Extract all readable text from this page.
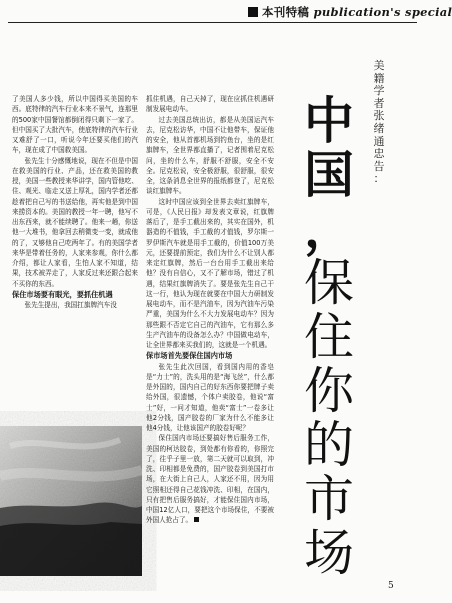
本刊特稿 publication's special
美
籍
学
者
张
绪
通
忠
告
：
中
国
，
保
住
你
的
市
场

了美国人多少钱，所以中国得买美国的车西。底特律的汽车行业本来不景气，连那里的500家中国餐馆都倒闭得只剩下一家了。但中国买了大批汽车，使底特律的汽车行业又难舒了一口，听说今年还要买他们的汽车，现在成了中国救美国。

张先生十分感慨地说，现在不但是中国在救美国的行业、产品，还在救美国的教授，美国一些教授来华讲学，国内管他吃、住、观光、临走又送上厚礼，国内学者还都趁着把自己写的书送给他，再实他是到中国来捞资本的。美国的教授一年一聘，他写不出东西来，就不能续聘了。他来一趟，你送他一大堆书，他拿回去稍微变一变，就成他的了，又够他自己吃两年了。有的美国学者来华是带着任务的，人家来参观，你什么都介绍，都让人家看，生怕人家不知道，结果，技术被弄走了，人家反过来还跟合起来不买你的东西。

保住市场要有眼光，要抓住机遇

张先生提出，我国扛旗牌汽车没

抓住机遇，自己天掉了，现在应抓住机遇研制发展电动车。

过去美国总统出访，都是从美国运汽车去，尼克松访华，中国不让他带车，保证他的安全，他从首都机场到钓鱼台，坐的是红旗牌车，全世界都直播了，记者围着尼克松问，坐的什么车，舒服不舒服，安全不安全。尼克松说，安全极舒服，很舒服，很安全，这条消息全世界的报纸都登了，尼克松谈红旗牌车。

这时中国应该到全世界去卖红旗牌车，可是，《人民日报》却发表文章说，红旗牌落后了，是手工截出来的，其实在国外，机器造的不值钱，手工截的才值钱，罗尔斯一罗伊斯汽车就是用手工截的，价值100万美元，还要提前预定，我们为什么不让别人都来定红旗牌，然后一台台用手工截出来给他？没有自信心，又不了解市场，错过了机遇，结果红旗牌消失了。要是张先生自己干这一行，他认为现在就要在中国大力研制发展电动车，而不是汽油车，因为汽油车污染严重，美国为什么不大力发展电动车？因为那些跟不否定它自己的汽油车，它有那么多生产汽油车的设备怎么办？中国做电动车，让全世界都来买我们的，这就是一个机遇。

保市场首先要保住国内市场

张先生此次回国，看到国内用的香皂是“力士”的，洗头用的是“海飞丝”，什么都是外国的，国内自己的好东西你要把牌子卖给外国，很遗憾，个体户卖胶卷，他说“富士”好，一问才知道，他卖“富士”一卷多让他2分钱，国产胶卷的厂家为什么不能多让他4分钱，让他该国产的胶卷好呢？

保住国内市场还要搞好售后服务工作，美国的柯达胶卷，到处都有你看的，你照完了，往乎子里一放，第二天就可以取到，冲洗、印相都是免费的，国产胶卷到美国打市场，在大街上自己人，人家还不用，因为用它照相还得自己花钱冲洗、印相，在国内，只有把售后服务搞好，才能保住国内市场，中国12亿人口，要把这个市场保住，不要被外国人抢占了。

5
